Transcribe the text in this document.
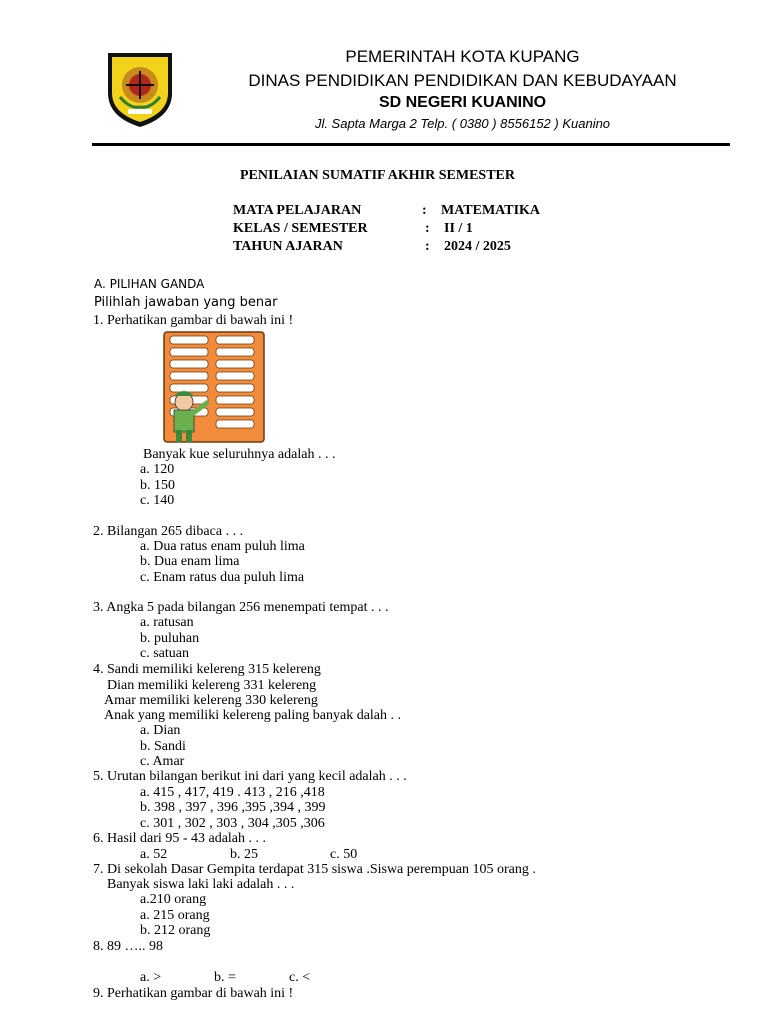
PEMERINTAH KOTA KUPANG
DINAS PENDIDIKAN PENDIDIKAN DAN KEBUDAYAAN
SD NEGERI KUANINO
Jl. Sapta Marga 2 Telp. ( 0380 ) 8556152 ) Kuanino
PENILAIAN SUMATIF AKHIR SEMESTER
MATA PELAJARAN	: MATEMATIKA
KELAS / SEMESTER	: II / 1
TAHUN AJARAN	: 2024 / 2025
A. PILIHAN GANDA
Pilihlah jawaban yang benar
1. Perhatikan gambar di bawah ini !
Banyak kue seluruhnya adalah . . .
a. 120
b. 150
c. 140
2. Bilangan 265 dibaca . . .
a. Dua ratus enam puluh lima
b. Dua enam lima
c. Enam ratus dua puluh lima
3. Angka 5 pada bilangan 256 menempati tempat . . .
a. ratusan
b. puluhan
c. satuan
4. Sandi memiliki kelereng 315 kelereng
Dian memiliki kelereng 331 kelereng
Amar memiliki kelereng 330 kelereng
Anak yang memiliki kelereng paling banyak dalah . .
a. Dian
b. Sandi
c. Amar
5. Urutan bilangan berikut ini dari yang kecil adalah . . .
a. 415 , 417, 419 . 413 , 216 ,418
b. 398 , 397 , 396 ,395 ,394 , 399
c. 301 , 302 , 303 , 304 ,305 ,306
6. Hasil dari 95 - 43 adalah . . .
a. 52	b. 25	c. 50
7. Di sekolah Dasar Gempita terdapat 315 siswa .Siswa perempuan 105 orang .
Banyak siswa laki laki adalah . . .
a.210 orang
a. 215 orang
b. 212 orang
8. 89 ….. 98
a. >	b. =	c. <
9. Perhatikan gambar di bawah ini !
